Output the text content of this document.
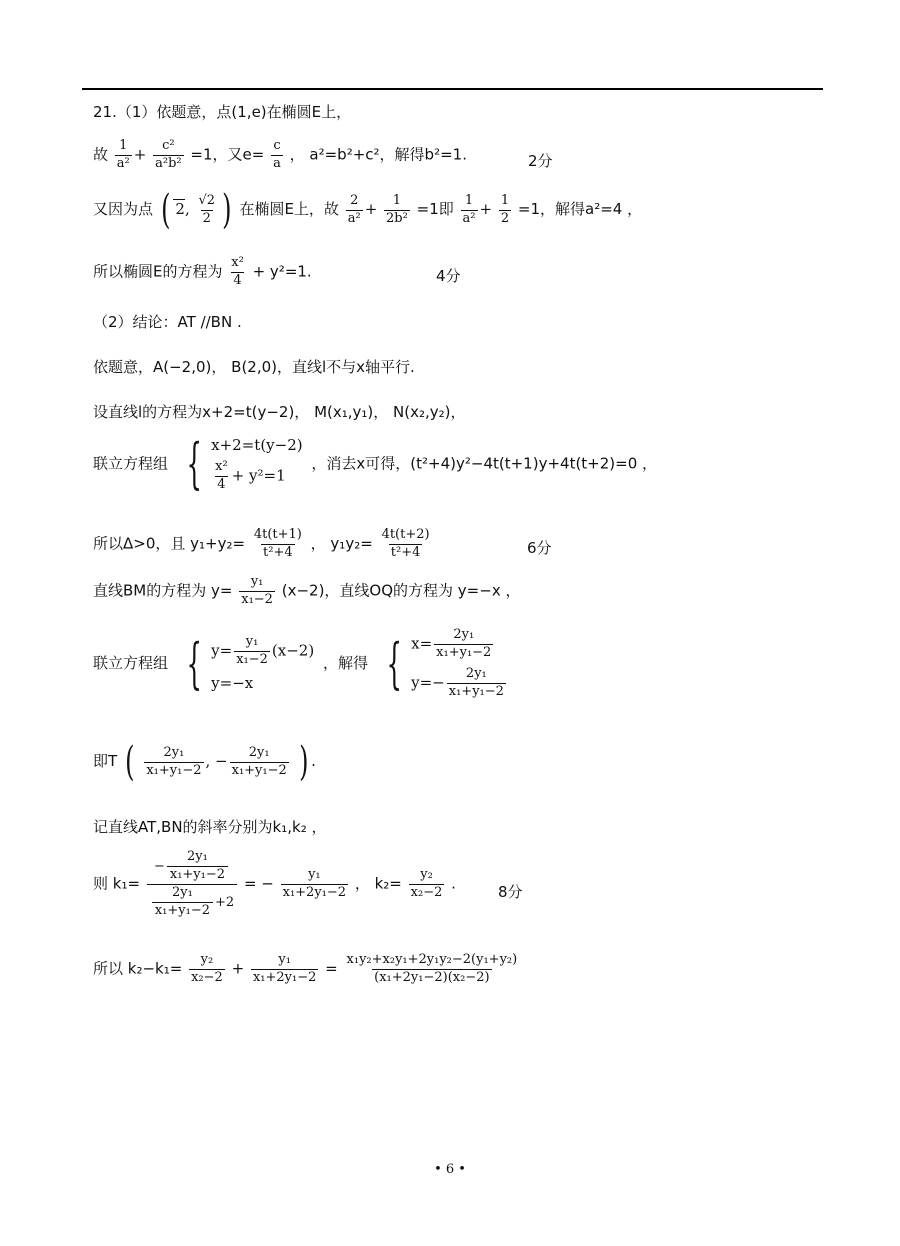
21.（1）依题意，点(1,e)在椭圆E上，
故 $\frac{1}{\text{a²}} + \frac{\text{c²}}{\text{a²b²}} =1$，又$e= \frac{c}{a}$ ， a²=b²+c²，解得b²=1.	2分
又因为点 ( 2, $\frac{√2}{2}$ ) 在椭圆E上，故 $\frac{2}{\text{a²}} + \frac{1}{\text{2b²}} =1$即 $\frac{1}{\text{a²}} + \frac{1}{2} =1$，解得a²=4 ，
所以椭圆E的方程为 $\frac{\text{x²}}{4} + y^2=1$.	4分
（2）结论：AT //BN .
依题意，A(−2,0)， B(2,0)，直线l不与x轴平行.
设直线l的方程为x+2=t(y−2)， M(x₁,y₁)， N(x₂,y₂)，
联立方程组 { x+2=t(y−2)
$\frac{\text{x²}}{4} + y^2=1$
，消去x可得，(t²+4)y²−4t(t+1)y+4t(t+2)=0 ，
所以Δ>0，且 $y_1+y_2= \frac{4t(t+1)}{\text{t²+4}}$ ， $y_1y_2= \frac{4t(t+2)}{\text{t²+4}}$	6分
直线BM的方程为 $y= \frac{\text{y₁}}{\text{x₁−2}} (x-2)$，直线OQ的方程为 y=−x ，
联立方程组 { $y= \frac{\text{y₁}}{\text{x₁−2}} (x-2)$
y=−x
，解得 { $x= \frac{\text{2y₁}}{\text{x₁+y₁−2}}$
$y=- \frac{\text{2y₁}}{\text{x₁+y₁−2}}$
即T ( $\frac{\text{2y₁}}{\text{x₁+y₁−2}}$ , − $\frac{\text{2y₁}}{\text{x₁+y₁−2}}$ ) .
记直线AT,BN的斜率分别为k₁,k₂ ，
则 $k_1= \frac{- \frac{\text{2y₁}}{\text{x₁+y₁−2}}}{\frac{\text{2y₁}}{\text{x₁+y₁−2}} +2}$ = − $\frac{\text{y₁}}{\text{x₁+2y₁−2}}$ ， $k_2= \frac{\text{y₂}}{\text{x₂−2}}$ .	8分
所以 $k_2-k_1= \frac{\text{y₂}}{\text{x₂−2}} + \frac{\text{y₁}}{\text{x₁+2y₁−2}} = \frac{\text{x₁y₂+x₂y₁+2y₁y₂−2(y₁+y₂)}}{\text{(x₁+2y₁−2)(x₂−2)}}$
• 6 •
